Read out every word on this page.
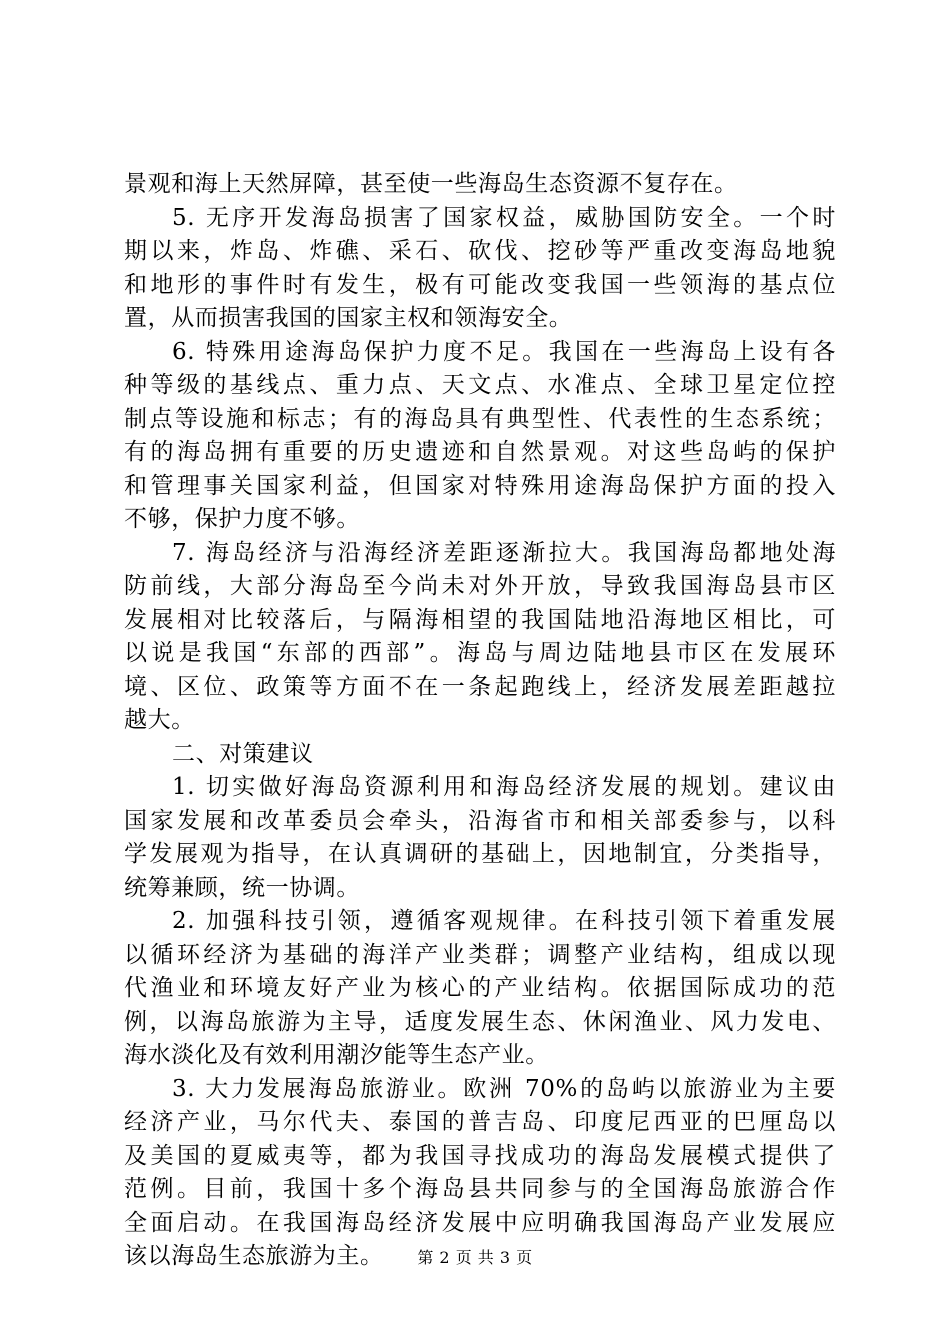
景观和海上天然屏障，甚至使一些海岛生态资源不复存在。
5. 无序开发海岛损害了国家权益，威胁国防安全。一个时
期以来，炸岛、炸礁、采石、砍伐、挖砂等严重改变海岛地貌
和地形的事件时有发生，极有可能改变我国一些领海的基点位
置，从而损害我国的国家主权和领海安全。
6. 特殊用途海岛保护力度不足。我国在一些海岛上设有各
种等级的基线点、重力点、天文点、水准点、全球卫星定位控
制点等设施和标志；有的海岛具有典型性、代表性的生态系统；
有的海岛拥有重要的历史遗迹和自然景观。对这些岛屿的保护
和管理事关国家利益，但国家对特殊用途海岛保护方面的投入
不够，保护力度不够。
7. 海岛经济与沿海经济差距逐渐拉大。我国海岛都地处海
防前线，大部分海岛至今尚未对外开放，导致我国海岛县市区
发展相对比较落后，与隔海相望的我国陆地沿海地区相比，可
以说是我国“东部的西部”。海岛与周边陆地县市区在发展环
境、区位、政策等方面不在一条起跑线上，经济发展差距越拉
越大。
二、对策建议
1. 切实做好海岛资源利用和海岛经济发展的规划。建议由
国家发展和改革委员会牵头，沿海省市和相关部委参与，以科
学发展观为指导，在认真调研的基础上，因地制宜，分类指导，
统筹兼顾，统一协调。
2. 加强科技引领，遵循客观规律。在科技引领下着重发展
以循环经济为基础的海洋产业类群；调整产业结构，组成以现
代渔业和环境友好产业为核心的产业结构。依据国际成功的范
例，以海岛旅游为主导，适度发展生态、休闲渔业、风力发电、
海水淡化及有效利用潮汐能等生态产业。
3. 大力发展海岛旅游业。欧洲 70%的岛屿以旅游业为主要
经济产业，马尔代夫、泰国的普吉岛、印度尼西亚的巴厘岛以
及美国的夏威夷等，都为我国寻找成功的海岛发展模式提供了
范例。目前，我国十多个海岛县共同参与的全国海岛旅游合作
全面启动。在我国海岛经济发展中应明确我国海岛产业发展应
该以海岛生态旅游为主。	第 2 页 共 3 页
